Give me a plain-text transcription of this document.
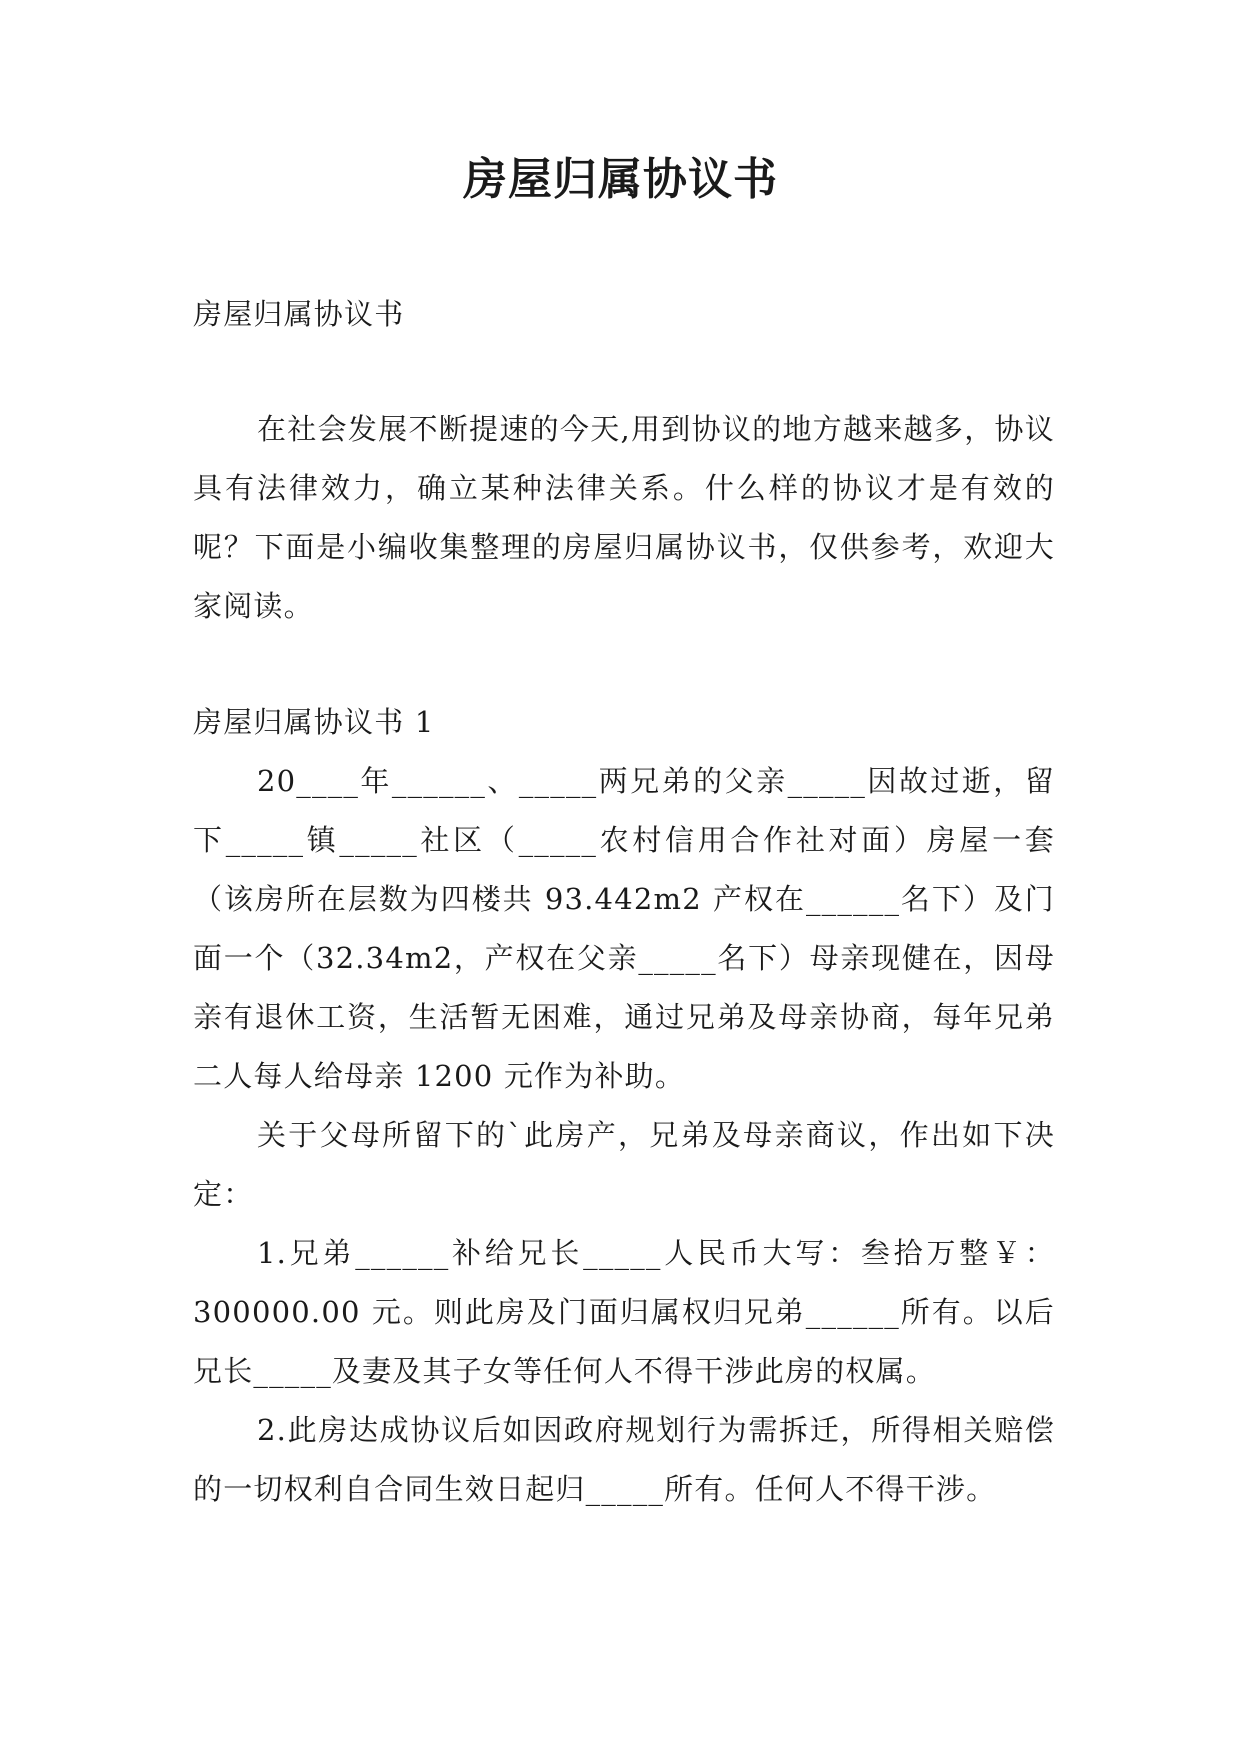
房屋归属协议书

房屋归属协议书

在社会发展不断提速的今天,用到协议的地方越来越多，协议具有法律效力，确立某种法律关系。什么样的协议才是有效的呢？下面是小编收集整理的房屋归属协议书，仅供参考，欢迎大家阅读。

房屋归属协议书 1

20____年______、_____两兄弟的父亲_____因故过逝，留下_____镇_____社区（_____农村信用合作社对面）房屋一套（该房所在层数为四楼共 93.442m2 产权在______名下）及门面一个（32.34m2，产权在父亲_____名下）母亲现健在，因母亲有退休工资，生活暂无困难，通过兄弟及母亲协商，每年兄弟二人每人给母亲 1200 元作为补助。

关于父母所留下的`此房产，兄弟及母亲商议，作出如下决定：

1.兄弟______补给兄长_____人民币大写：叁拾万整￥：300000.00 元。则此房及门面归属权归兄弟______所有。以后兄长_____及妻及其子女等任何人不得干涉此房的权属。

2.此房达成协议后如因政府规划行为需拆迁，所得相关赔偿的一切权利自合同生效日起归_____所有。任何人不得干涉。
